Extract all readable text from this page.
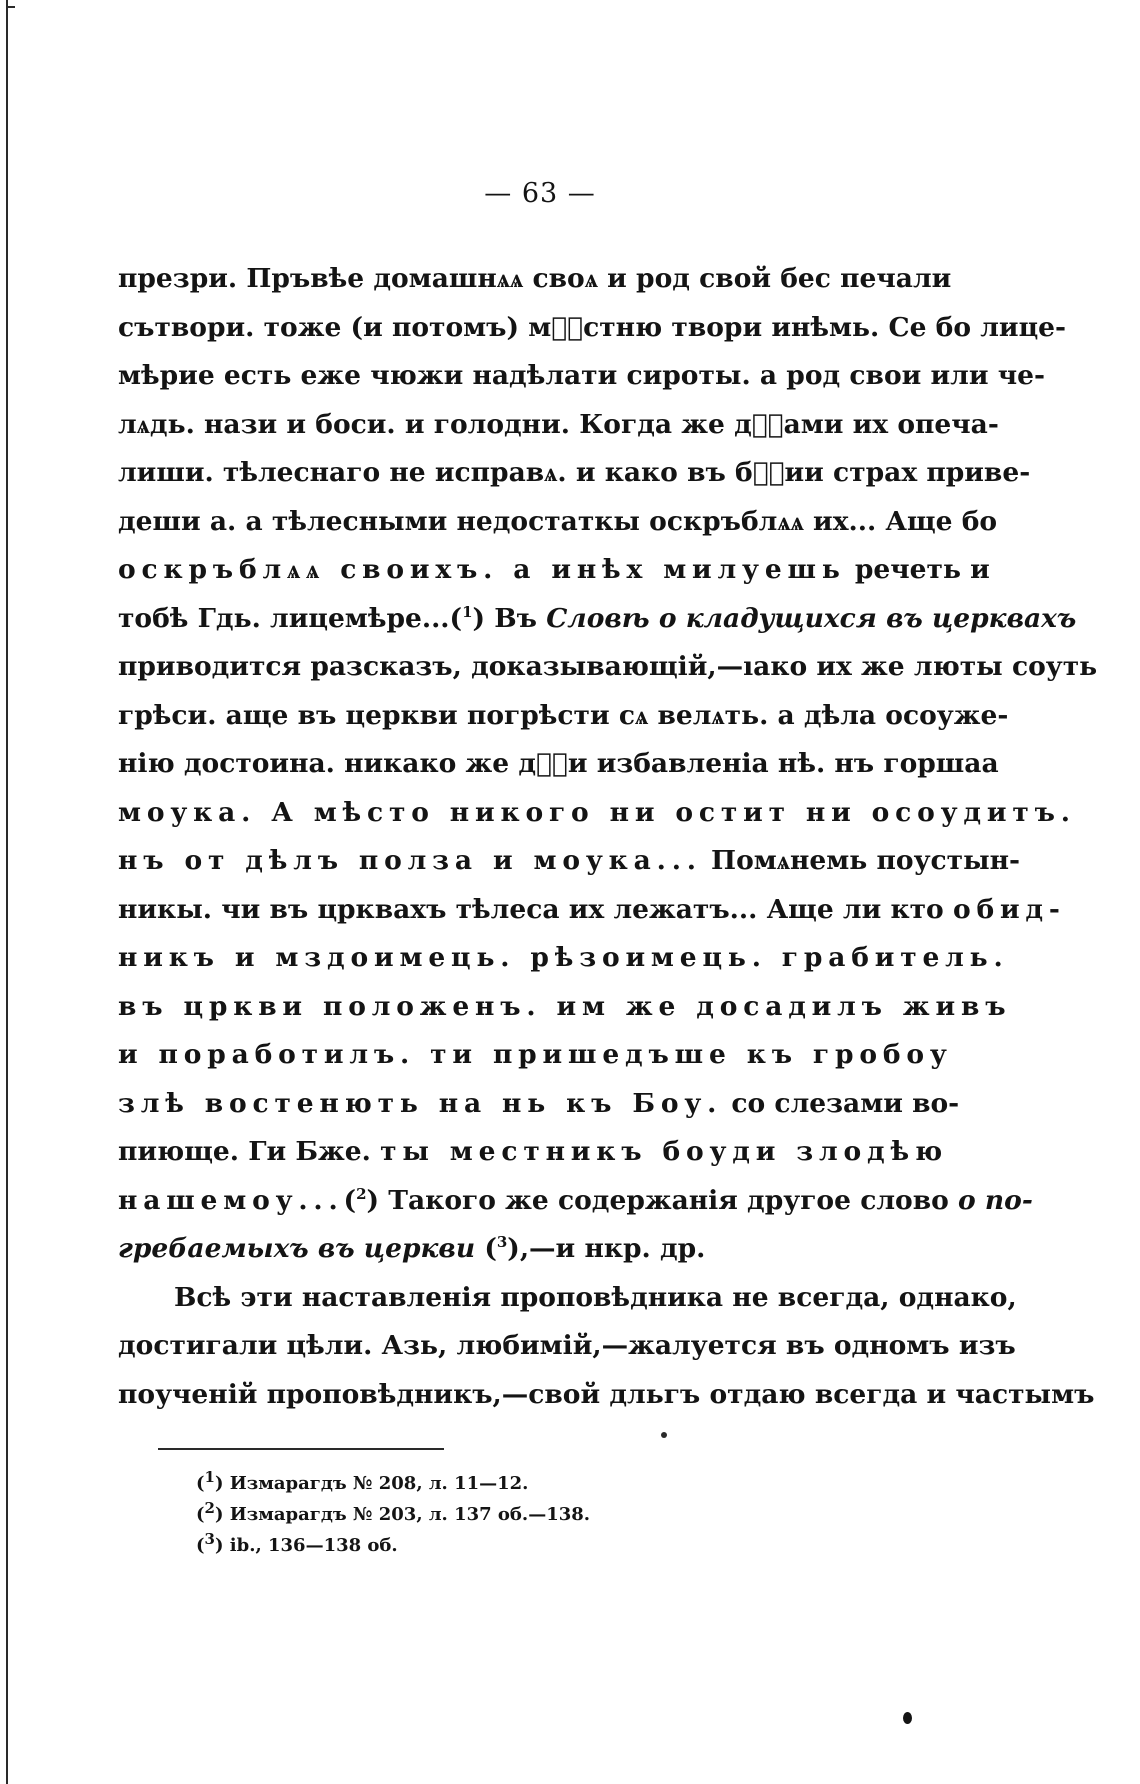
— 63 —
презри. Пръвѣе домашнѧѧ своѧ и род свой бес печали
сътвори. тоже (и потомъ) мⷧ҇стню твори инѣмь. Се бо лице-
мѣрие есть еже чюжи надѣлати сироты. а род свои или че-
лѧдь. нази и боси. и голодни. Когда же дⷲ҇ами их опеча-
лиши. тѣлеснаго не исправѧ. и како въ бⷤ҇ии страх приве-
деши а. а тѣлесными недостаткы оскръблѧѧ их... Аще бо
оскръблѧѧ своихъ. а инѣх милуешь речеть и
тобѣ Гдь. лицемѣре...($^1$) Въ Словѣ о кладущихся въ церквахъ
приводится разсказъ, доказывающій,—ıако их же люты соуть
грѣси. аще въ церкви погрѣсти сѧ велѧть. а дѣла осоуже-
нію достоина. никако же дⷲ҇и избавленіа нѣ. нъ горшаа
моука. А мѣсто никого ни остит ни осоудитъ.
нъ от дѣлъ полза и моука... Помѧнемь поустын-
никы. чи въ црквахъ тѣлеса их лежатъ... Аще ли кто обид-
никъ и мздоимець. рѣзоимець. грабитель.
въ цркви положенъ. им же досадилъ живъ
и поработилъ. ти пришедъше къ гробоу
злѣ востенють на нь къ Боу. со слезами во-
пиюще. Ги Бже. ты местникъ боуди злодѣю
нашемоу...($^2$) Такого же содержанія другое слово о по-
гребаемыхъ въ церкви ($^3$),—и нкр. др.
Всѣ эти наставленія проповѣдника не всегда, однако,
достигали цѣли. Азь, любимій,—жалуется въ одномъ изъ
поученій проповѣдникъ,—свой дльгъ отдаю всегда и частымъ
($^1$) Измарагдъ № 208, л. 11—12.
($^2$) Измарагдъ № 203, л. 137 об.—138.
($^3$) ib., 136—138 об.
